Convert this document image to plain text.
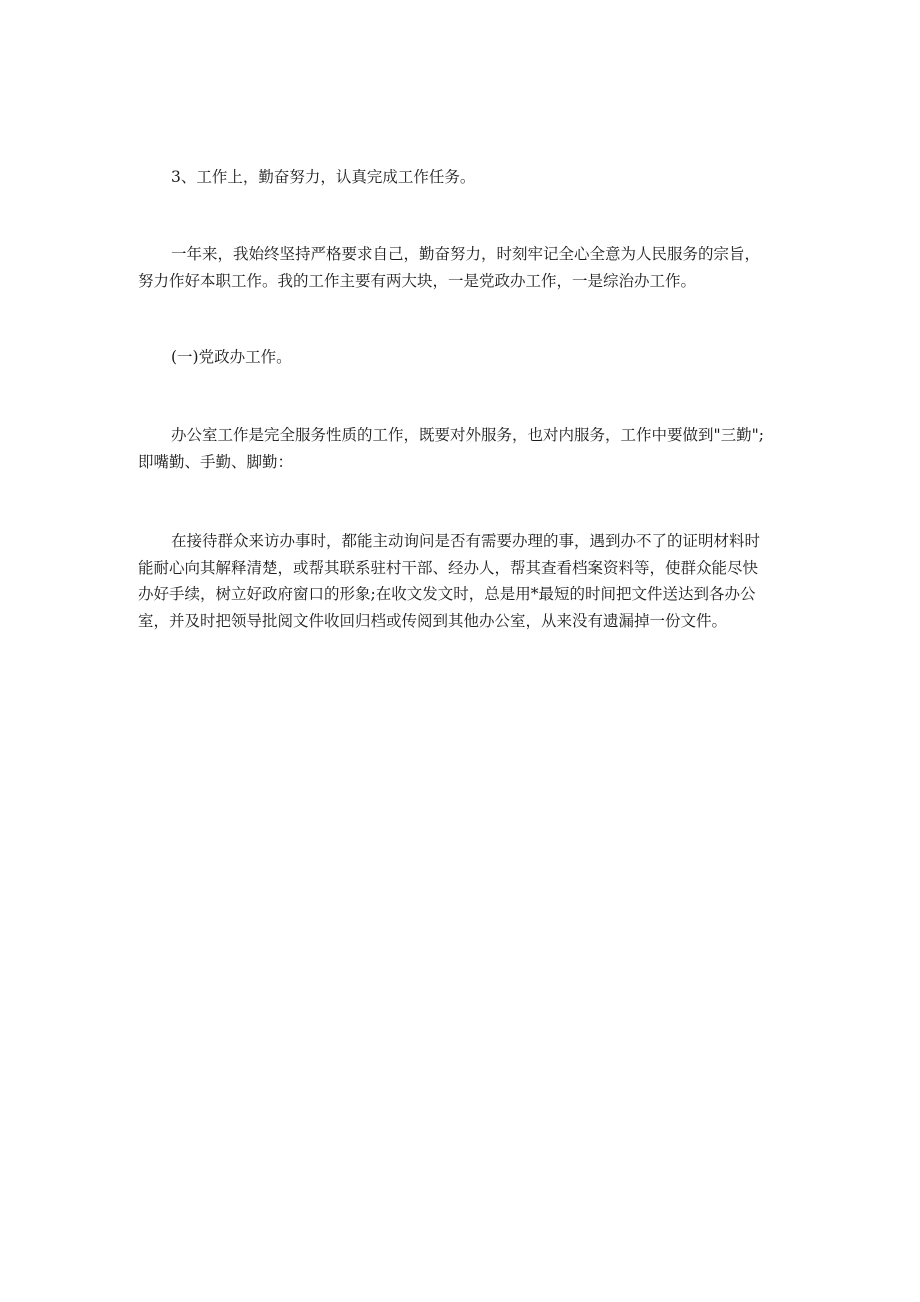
3、工作上，勤奋努力，认真完成工作任务。
一年来，我始终坚持严格要求自己，勤奋努力，时刻牢记全心全意为人民服务的宗旨，
努力作好本职工作。我的工作主要有两大块，一是党政办工作，一是综治办工作。
(一)党政办工作。
办公室工作是完全服务性质的工作，既要对外服务，也对内服务，工作中要做到"三勤";
即嘴勤、手勤、脚勤：
在接待群众来访办事时，都能主动询问是否有需要办理的事，遇到办不了的证明材料时
能耐心向其解释清楚，或帮其联系驻村干部、经办人，帮其查看档案资料等，使群众能尽快
办好手续，树立好政府窗口的形象;在收文发文时，总是用*最短的时间把文件送达到各办公
室，并及时把领导批阅文件收回归档或传阅到其他办公室，从来没有遗漏掉一份文件。
